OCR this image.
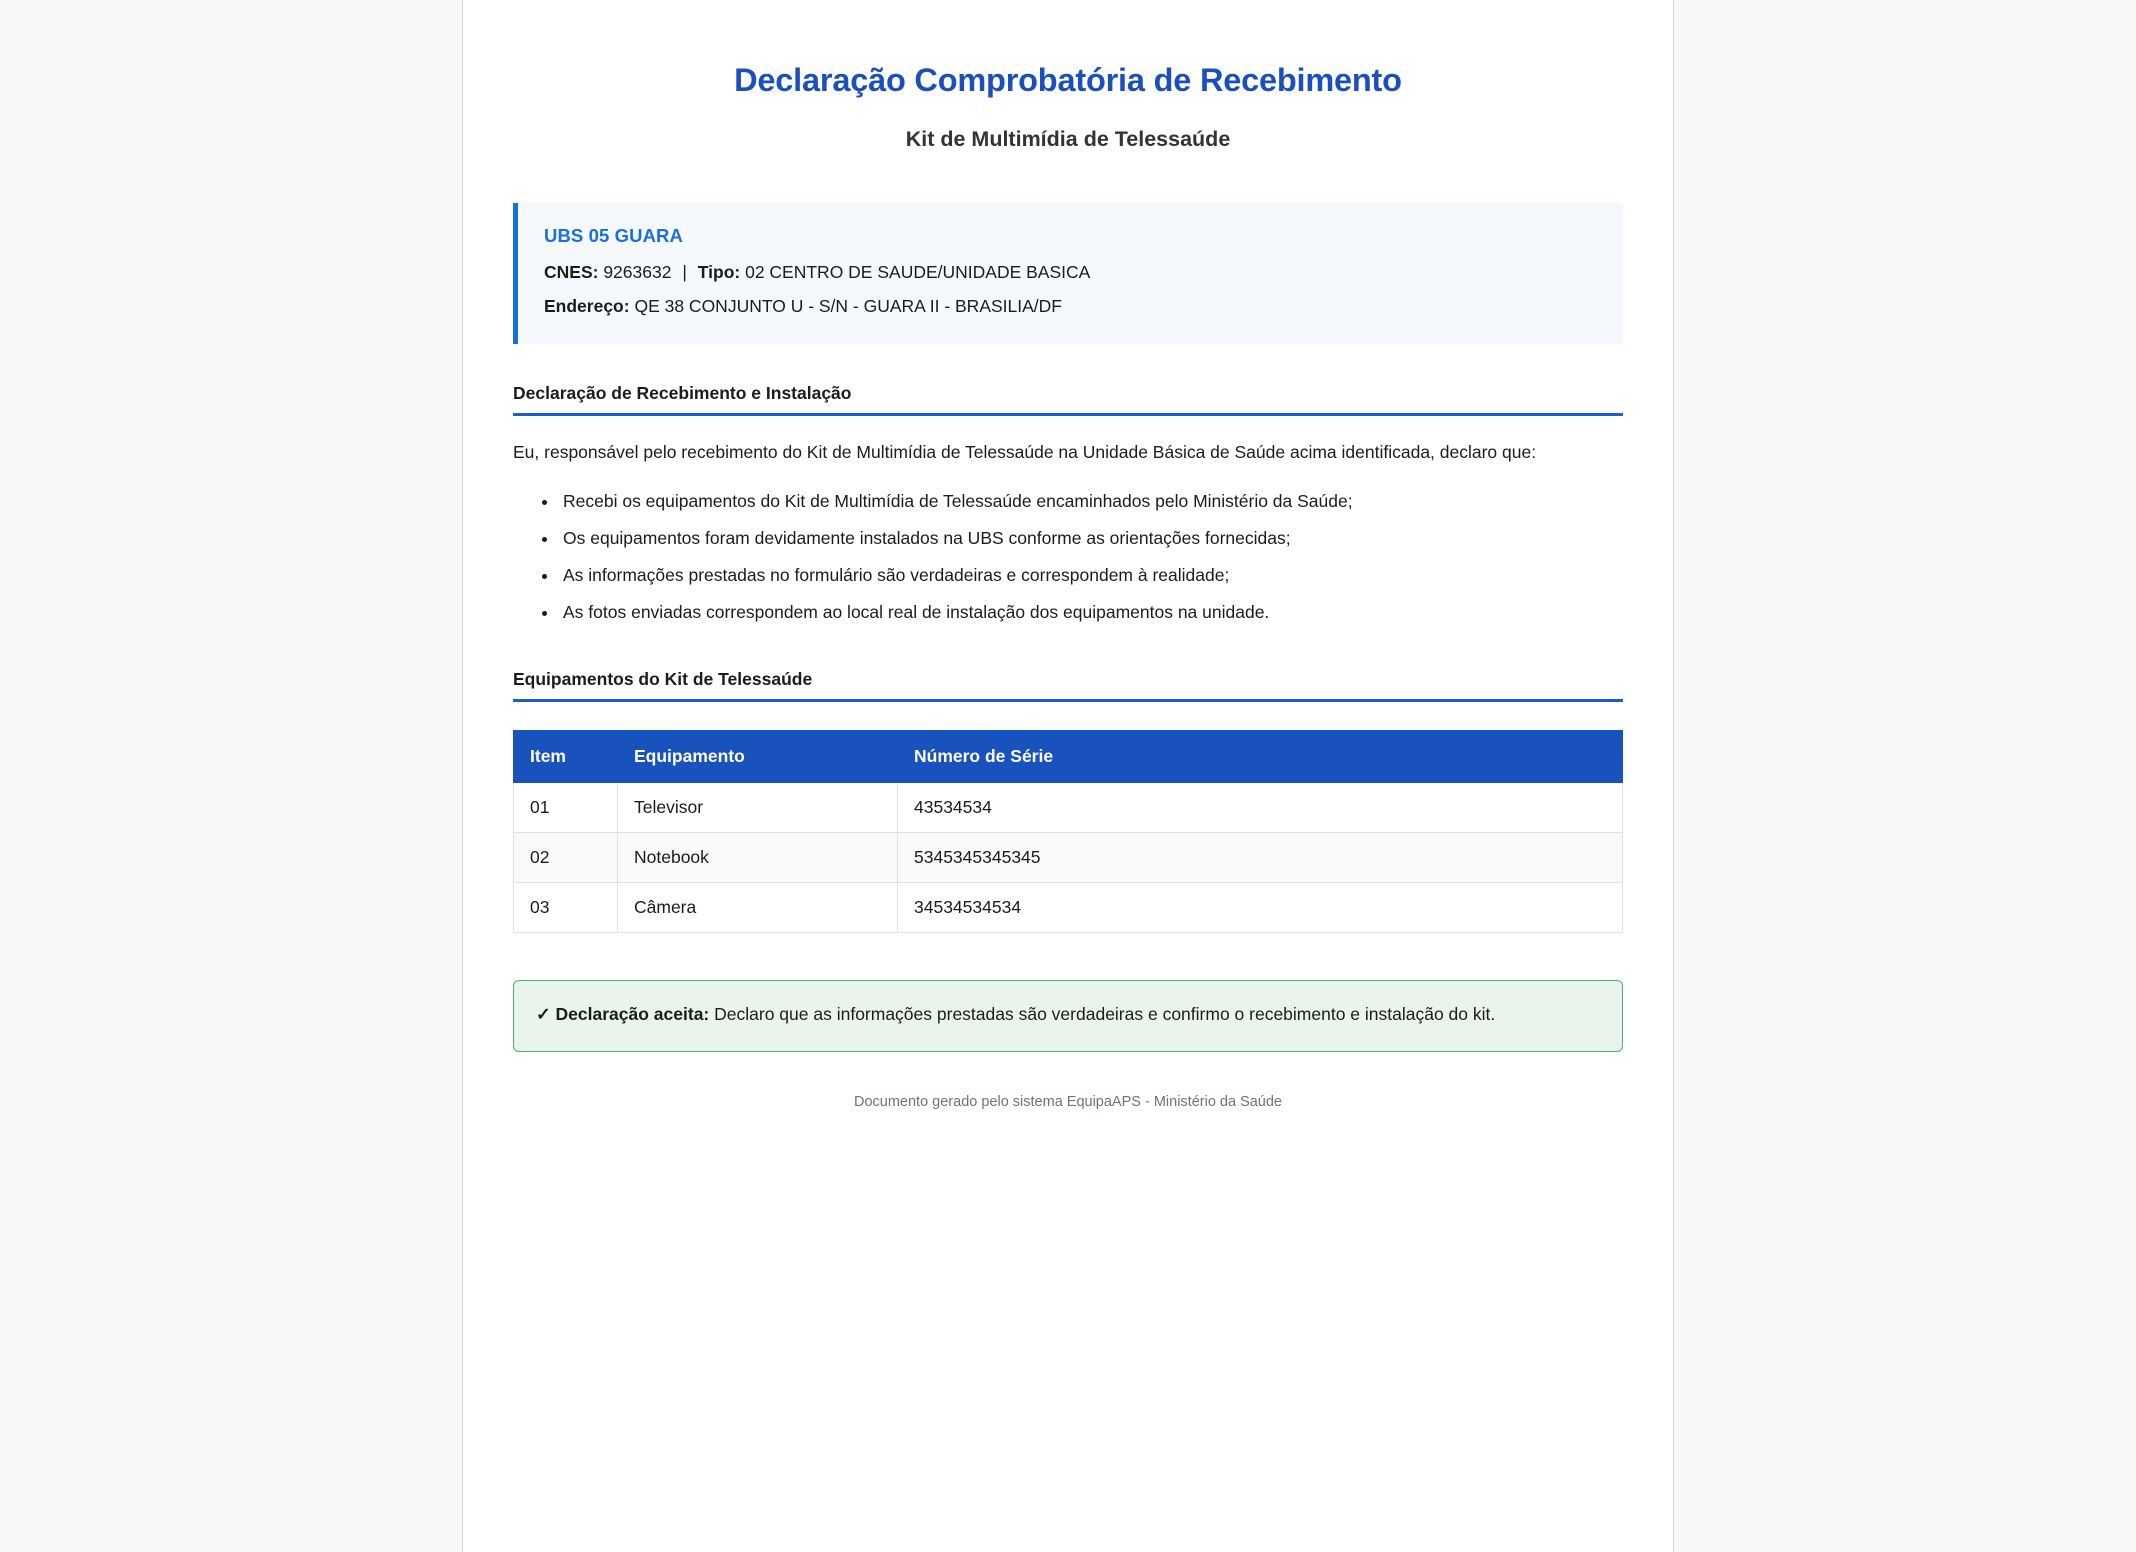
Declaração Comprobatória de Recebimento
Kit de Multimídia de Telessaúde
UBS 05 GUARA
CNES: 9263632 | Tipo: 02 CENTRO DE SAUDE/UNIDADE BASICA
Endereço: QE 38 CONJUNTO U - S/N - GUARA II - BRASILIA/DF
Declaração de Recebimento e Instalação

Eu, responsável pelo recebimento do Kit de Multimídia de Telessaúde na Unidade Básica de Saúde acima identificada, declaro que:

• Recebi os equipamentos do Kit de Multimídia de Telessaúde encaminhados pelo Ministério da Saúde;
• Os equipamentos foram devidamente instalados na UBS conforme as orientações fornecidas;
• As informações prestadas no formulário são verdadeiras e correspondem à realidade;
• As fotos enviadas correspondem ao local real de instalação dos equipamentos na unidade.
Equipamentos do Kit de Telessaúde
Item	Equipamento	Número de Série
01	Televisor	43534534
02	Notebook	5345345345345
03	Câmera	34534534534

✓ Declaração aceita: Declaro que as informações prestadas são verdadeiras e confirmo o recebimento e instalação do kit.

Documento gerado pelo sistema EquipaAPS - Ministério da Saúde
